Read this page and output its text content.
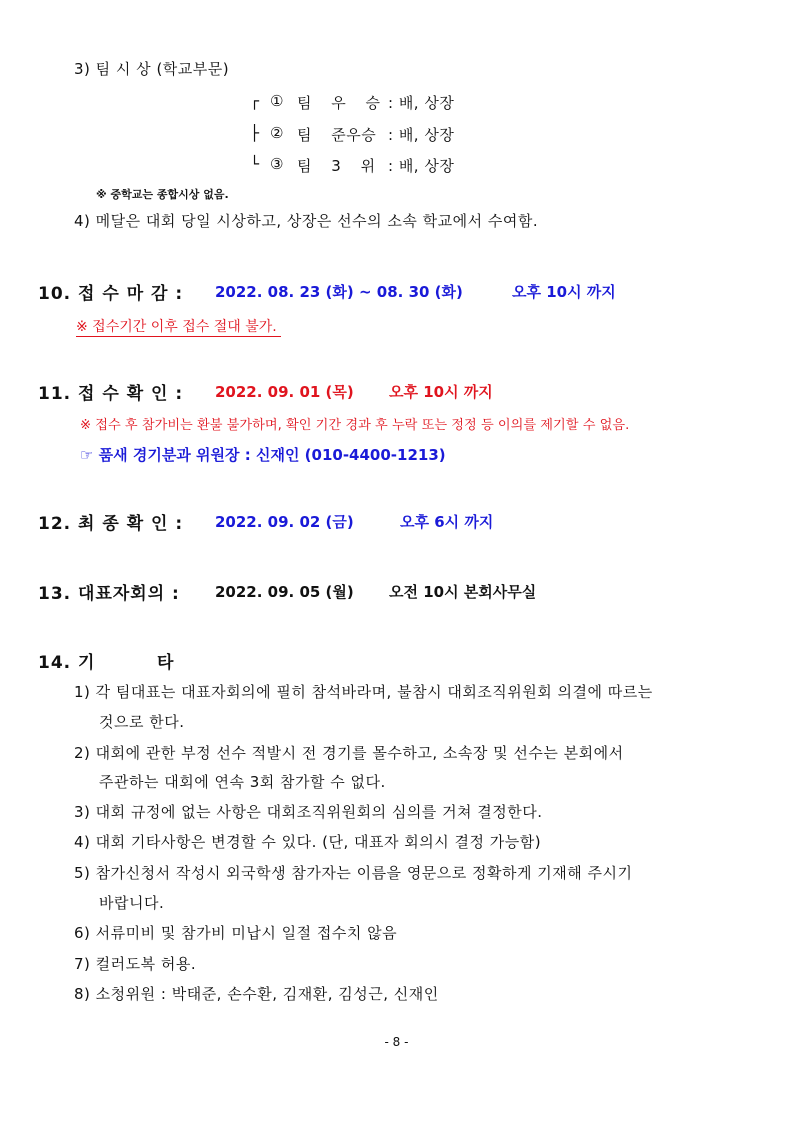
3) 팀 시 상 (학교부문)
┌ ① 팀 우 승 : 배, 상장
├ ② 팀 준우승 : 배, 상장
└ ③ 팀 3 위 : 배, 상장
※ 중학교는 종합시상 없음.
4) 메달은 대회 당일 시상하고, 상장은 선수의 소속 학교에서 수여함.
10. 접 수 마 감 : 2022. 08. 23 (화) ~ 08. 30 (화)	오후 10시 까지
※ 접수기간 이후 접수 절대 불가.
11. 접 수 확 인 : 2022. 09. 01 (목) 오후 10시 까지
※ 접수 후 참가비는 환불 불가하며, 확인 기간 경과 후 누락 또는 정정 등 이의를 제기할 수 없음.
☞ 품새 경기분과 위원장 : 신재인 (010-4400-1213)
12. 최 종 확 인 : 2022. 09. 02 (금)	오후 6시 까지
13. 대표자회의 : 2022. 09. 05 (월) 오전 10시 본회사무실
14. 기	타
1) 각 팀대표는 대표자회의에 필히 참석바라며, 불참시 대회조직위원회 의결에 따르는
것으로 한다.
2) 대회에 관한 부정 선수 적발시 전 경기를 몰수하고, 소속장 및 선수는 본회에서
주관하는 대회에 연속 3회 참가할 수 없다.
3) 대회 규정에 없는 사항은 대회조직위원회의 심의를 거쳐 결정한다.
4) 대회 기타사항은 변경할 수 있다. (단, 대표자 회의시 결정 가능함)
5) 참가신청서 작성시 외국학생 참가자는 이름을 영문으로 정확하게 기재해 주시기
바랍니다.
6) 서류미비 및 참가비 미납시 일절 접수치 않음
7) 컬러도복 허용.
8) 소청위원 : 박태준, 손수환, 김재환, 김성근, 신재인
- 8 -
